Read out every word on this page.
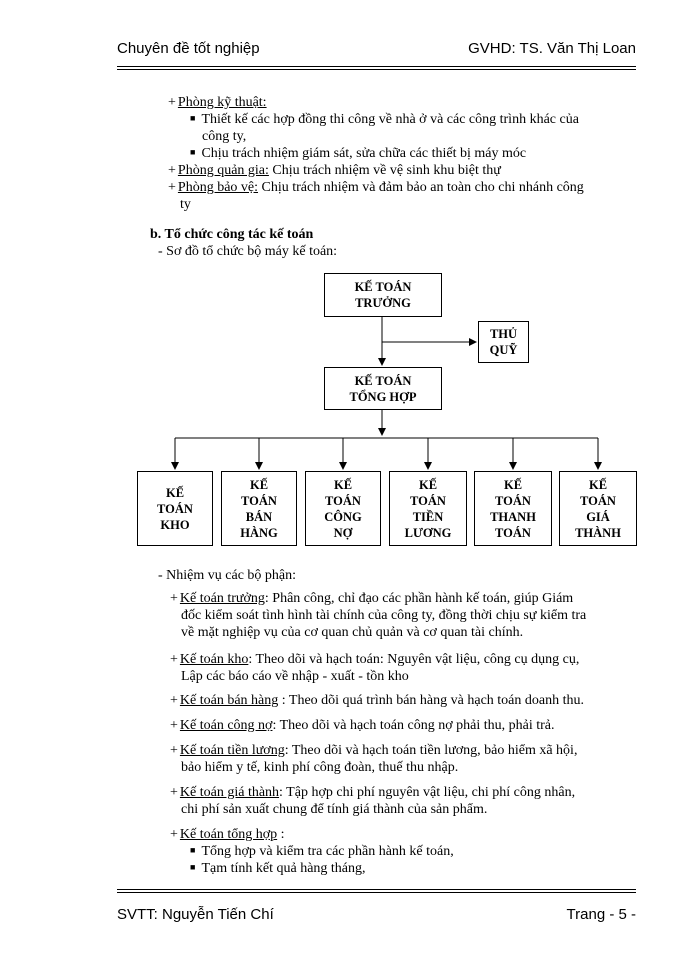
Chuyên đề tốt nghiệp	GVHD: TS. Văn Thị Loan
+ Phòng kỹ thuật:
■ Thiết kế các hợp đồng thi công về nhà ở và các công trình khác của
công ty,
■ Chịu trách nhiệm giám sát, sửa chữa các thiết bị máy móc
+ Phòng quản gia: Chịu trách nhiệm về vệ sinh khu biệt thự
+ Phòng bảo vệ: Chịu trách nhiệm và đảm bảo an toàn cho chi nhánh công
ty
b. Tổ chức công tác kế toán
- Sơ đồ tổ chức bộ máy kế toán:
KẾ TOÁN
TRƯỞNG
THỦ
QUỸ
KẾ TOÁN
TỔNG HỢP
KẾ
TOÁN
KHO
KẾ
TOÁN
BÁN
HÀNG
KẾ
TOÁN
CÔNG
NỢ
KẾ
TOÁN
TIỀN
LƯƠNG
KẾ
TOÁN
THANH
TOÁN
KẾ
TOÁN
GIÁ
THÀNH
- Nhiệm vụ các bộ phận:
+ Kế toán trưởng: Phân công, chỉ đạo các phần hành kế toán, giúp Giám
đốc kiểm soát tình hình tài chính của công ty, đồng thời chịu sự kiểm tra
về mặt nghiệp vụ của cơ quan chủ quản và cơ quan tài chính.
+ Kế toán kho: Theo dõi và hạch toán: Nguyên vật liệu, công cụ dụng cụ,
Lập các báo cáo về nhập - xuất - tồn kho
+ Kế toán bán hàng : Theo dõi quá trình bán hàng và hạch toán doanh thu.
+ Kế toán công nợ: Theo dõi và hạch toán công nợ phải thu, phải trả.
+ Kế toán tiền lương: Theo dõi và hạch toán tiền lương, bảo hiểm xã hội,
bảo hiểm y tế, kinh phí công đoàn, thuế thu nhập.
+ Kế toán giá thành: Tập hợp chi phí nguyên vật liệu, chi phí công nhân,
chi phí sản xuất chung để tính giá thành của sản phẩm.
+ Kế toán tổng hợp :
■ Tổng hợp và kiểm tra các phần hành kế toán,
■ Tạm tính kết quả hàng tháng,
SVTT: Nguyễn Tiến Chí	Trang - 5 -
